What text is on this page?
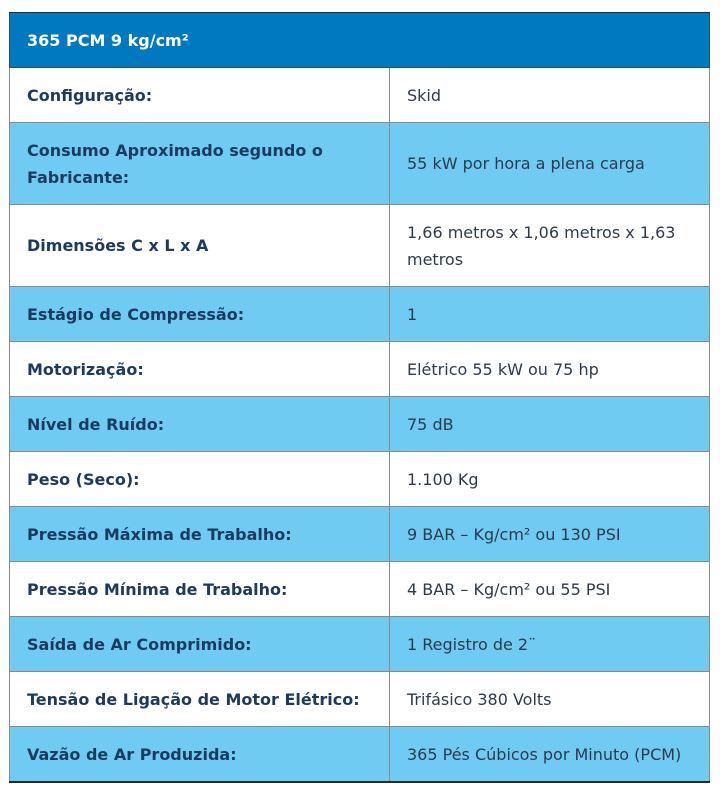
365 PCM 9 kg/cm²	
Configuração:	Skid
Consumo Aproximado segundo o Fabricante:	55 kW por hora a plena carga
Dimensões C x L x A	1,66 metros x 1,06 metros x 1,63 metros
Estágio de Compressão:	1
Motorização:	Elétrico 55 kW ou 75 hp
Nível de Ruído:	75 dB
Peso (Seco):	1.100 Kg
Pressão Máxima de Trabalho:	9 BAR – Kg/cm² ou 130 PSI
Pressão Mínima de Trabalho:	4 BAR – Kg/cm² ou 55 PSI
Saída de Ar Comprimido:	1 Registro de 2¨
Tensão de Ligação de Motor Elétrico:	Trifásico 380 Volts
Vazão de Ar Produzida:	365 Pés Cúbicos por Minuto (PCM)
